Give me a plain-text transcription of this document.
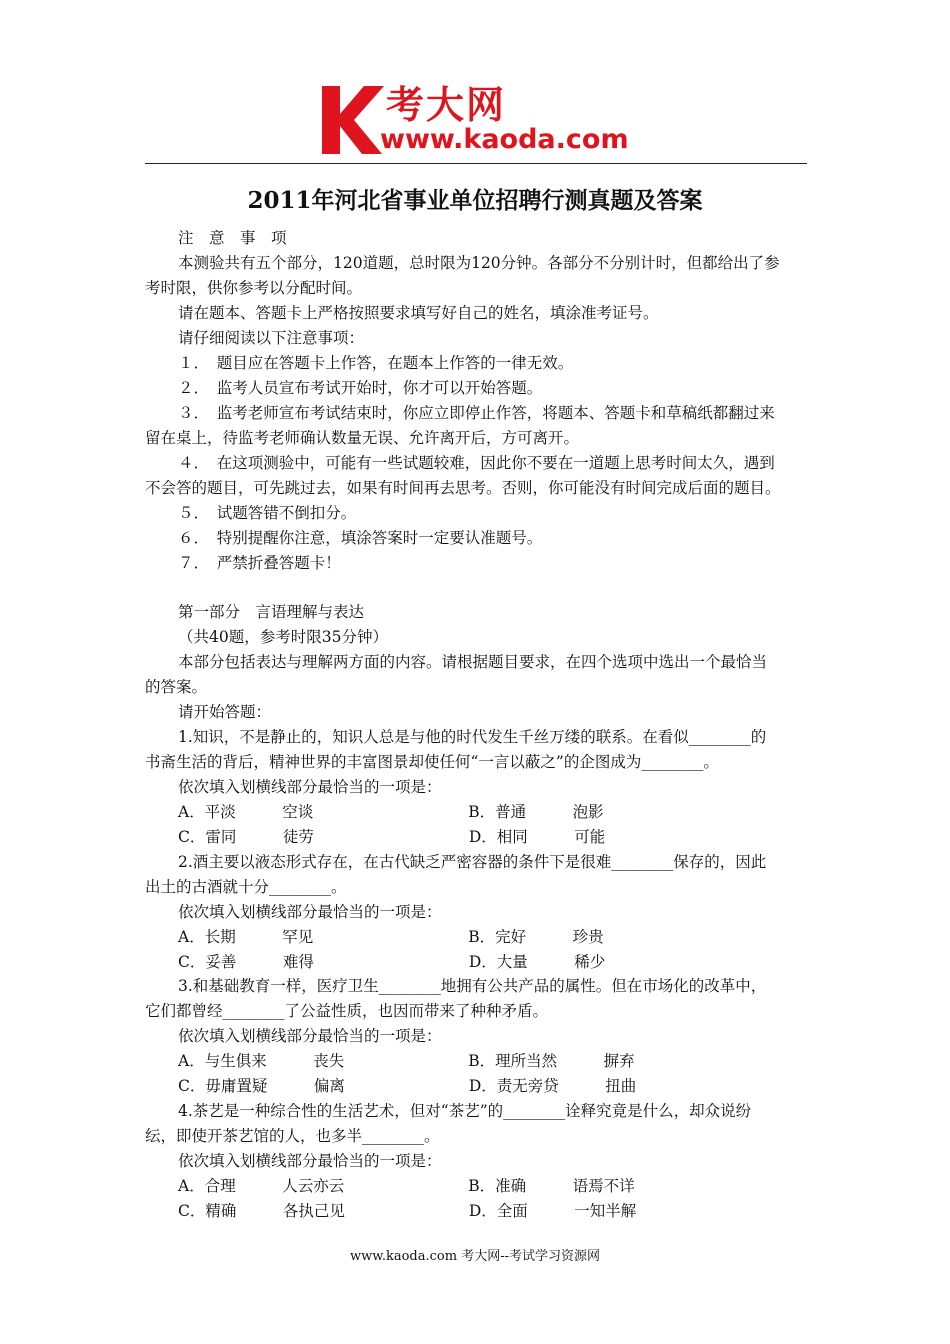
考大网
www.kaoda.com
2011年河北省事业单位招聘行测真题及答案
注　意　事　项
本测验共有五个部分，120道题，总时限为120分钟。各部分不分别计时，但都给出了参
考时限，供你参考以分配时间。
请在题本、答题卡上严格按照要求填写好自己的姓名，填涂准考证号。
请仔细阅读以下注意事项：
１．　题目应在答题卡上作答，在题本上作答的一律无效。
２．　监考人员宣布考试开始时，你才可以开始答题。
３．　监考老师宣布考试结束时，你应立即停止作答，将题本、答题卡和草稿纸都翻过来
留在桌上，待监考老师确认数量无误、允许离开后，方可离开。
４．　在这项测验中，可能有一些试题较难，因此你不要在一道题上思考时间太久，遇到
不会答的题目，可先跳过去，如果有时间再去思考。否则，你可能没有时间完成后面的题目。
５．　试题答错不倒扣分。
６．　特别提醒你注意，填涂答案时一定要认准题号。
７．　严禁折叠答题卡！
第一部分　言语理解与表达
（共40题，参考时限35分钟）
本部分包括表达与理解两方面的内容。请根据题目要求，在四个选项中选出一个最恰当
的答案。
请开始答题：
1.知识，不是静止的，知识人总是与他的时代发生千丝万缕的联系。在看似________的
书斋生活的背后，精神世界的丰富图景却使任何“一言以蔽之”的企图成为________。
依次填入划横线部分最恰当的一项是：
A．平淡　　　空谈　　　　　　　　　　B．普通　　　泡影
C．雷同　　　徒劳　　　　　　　　　　D．相同　　　可能
2.酒主要以液态形式存在，在古代缺乏严密容器的条件下是很难________保存的，因此
出土的古酒就十分________。
依次填入划横线部分最恰当的一项是：
A．长期　　　罕见　　　　　　　　　　B．完好　　　珍贵
C．妥善　　　难得　　　　　　　　　　D．大量　　　稀少
3.和基础教育一样，医疗卫生________地拥有公共产品的属性。但在市场化的改革中，
它们都曾经________了公益性质，也因而带来了种种矛盾。
依次填入划横线部分最恰当的一项是：
A．与生俱来　　　丧失　　　　　　　　B．理所当然　　　摒弃
C．毋庸置疑　　　偏离　　　　　　　　D．责无旁贷　　　扭曲
4.茶艺是一种综合性的生活艺术，但对“茶艺”的________诠释究竟是什么，却众说纷
纭，即使开茶艺馆的人，也多半________。
依次填入划横线部分最恰当的一项是：
A．合理　　　人云亦云　　　　　　　　B．准确　　　语焉不详
C．精确　　　各执己见　　　　　　　　D．全面　　　一知半解
www.kaoda.com 考大网--考试学习资源网
